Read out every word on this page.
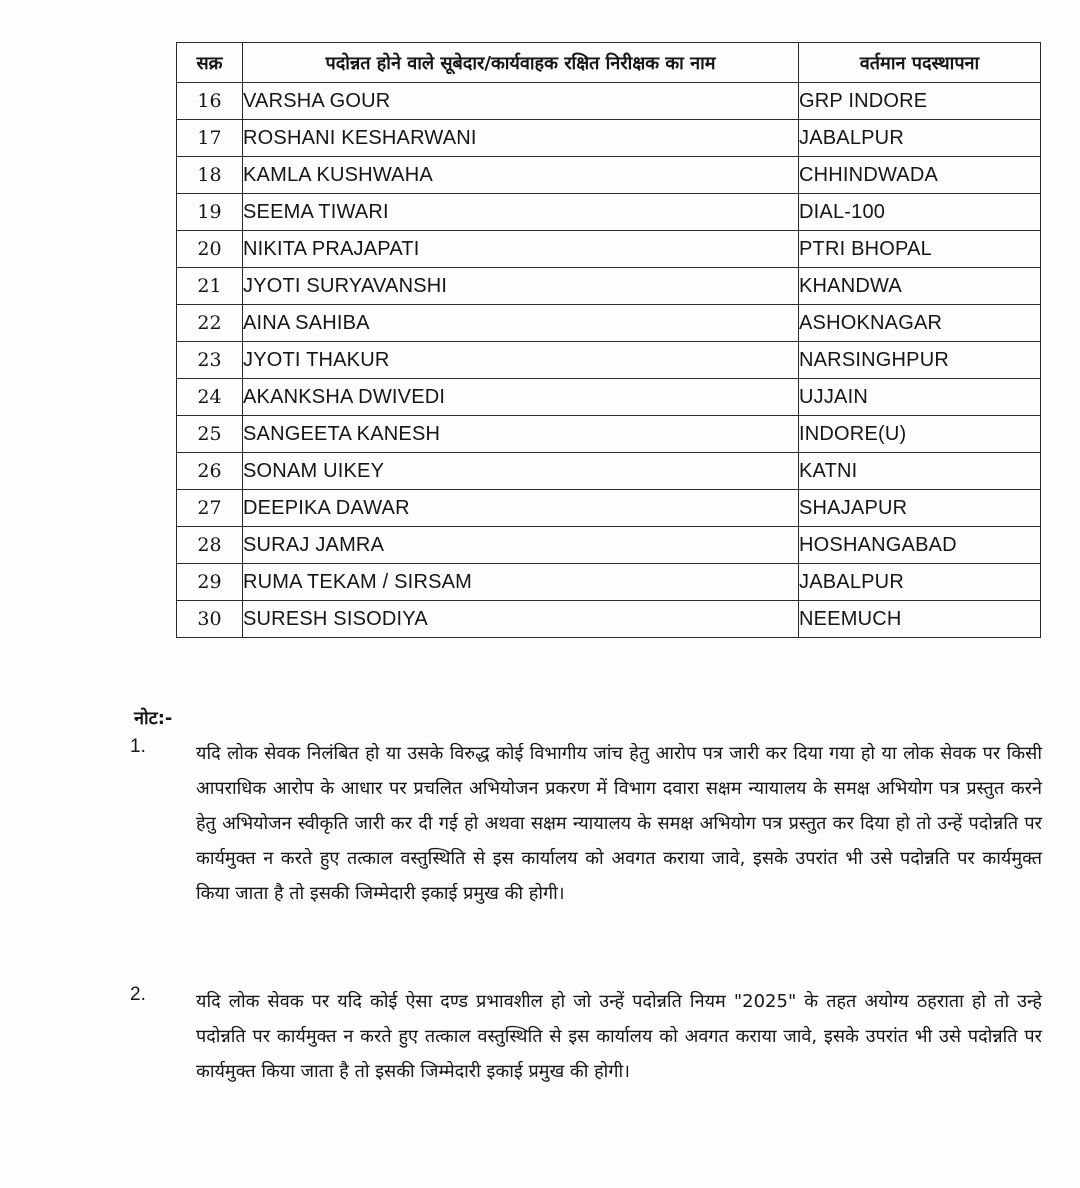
सक्र	पदोन्नत होने वाले सूबेदार/कार्यवाहक रक्षित निरीक्षक का नाम	वर्तमान पदस्थापना
16	VARSHA GOUR	GRP INDORE
17	ROSHANI KESHARWANI	JABALPUR
18	KAMLA KUSHWAHA	CHHINDWADA
19	SEEMA TIWARI	DIAL-100
20	NIKITA PRAJAPATI	PTRI BHOPAL
21	JYOTI SURYAVANSHI	KHANDWA
22	AINA SAHIBA	ASHOKNAGAR
23	JYOTI THAKUR	NARSINGHPUR
24	AKANKSHA DWIVEDI	UJJAIN
25	SANGEETA KANESH	INDORE(U)
26	SONAM UIKEY	KATNI
27	DEEPIKA DAWAR	SHAJAPUR
28	SURAJ JAMRA	HOSHANGABAD
29	RUMA TEKAM / SIRSAM	JABALPUR
30	SURESH SISODIYA	NEEMUCH
नोट:-
1.	यदि लोक सेवक निलंबित हो या उसके विरुद्ध कोई विभागीय जांच हेतु आरोप पत्र जारी कर दिया गया हो या लोक सेवक पर किसी आपराधिक आरोप के आधार पर प्रचलित अभियोजन प्रकरण में विभाग दवारा सक्षम न्यायालय के समक्ष अभियोग पत्र प्रस्तुत करने हेतु अभियोजन स्वीकृति जारी कर दी गई हो अथवा सक्षम न्यायालय के समक्ष अभियोग पत्र प्रस्तुत कर दिया हो तो उन्हें पदोन्नति पर कार्यमुक्त न करते हुए तत्काल वस्तुस्थिति से इस कार्यालय को अवगत कराया जावे, इसके उपरांत भी उसे पदोन्नति पर कार्यमुक्त किया जाता है तो इसकी जिम्मेदारी इकाई प्रमुख की होगी।
2.	यदि लोक सेवक पर यदि कोई ऐसा दण्ड प्रभावशील हो जो उन्हें पदोन्नति नियम "2025" के तहत अयोग्य ठहराता हो तो उन्हे पदोन्नति पर कार्यमुक्त न करते हुए तत्काल वस्तुस्थिति से इस कार्यालय को अवगत कराया जावे, इसके उपरांत भी उसे पदोन्नति पर कार्यमुक्त किया जाता है तो इसकी जिम्मेदारी इकाई प्रमुख की होगी।
